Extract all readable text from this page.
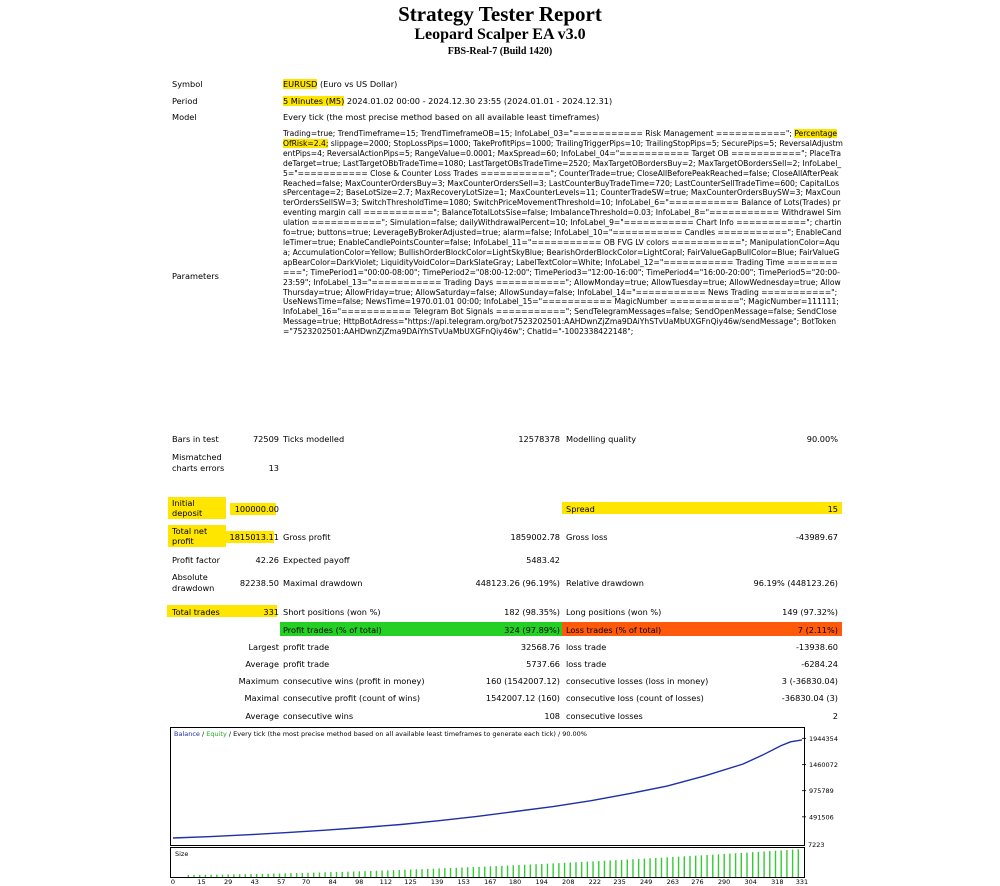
Strategy Tester Report
Leopard Scalper EA v3.0
FBS-Real-7 (Build 1420)
Symbol	EURUSD (Euro vs US Dollar)
Period	5 Minutes (M5) 2024.01.02 00:00 - 2024.12.30 23:55 (2024.01.01 - 2024.12.31)
Model	Every tick (the most precise method based on all available least timeframes)
Parameters
Trading=true; TrendTimeframe=15; TrendTimeframeOB=15; InfoLabel_03="=========== Risk Management ==========="; PercentageOfRisk=2.4; slippage=2000; StopLossPips=1000; TakeProfitPips=1000; TrailingTriggerPips=10; TrailingStopPips=5; SecurePips=5; ReversalAdjustmentPips=4; ReversalActionPips=5; RangeValue=0.0001; MaxSpread=60; InfoLabel_04="=========== Target OB ==========="; PlaceTradeTarget=true; LastTargetOBbTradeTime=1080; LastTargetOBsTradeTime=2520; MaxTargetOBordersBuy=2; MaxTargetOBordersSell=2; InfoLabel_5="=========== Close & Counter Loss Trades ==========="; CounterTrade=true; CloseAllBeforePeakReached=false; CloseAllAfterPeakReached=false; MaxCounterOrdersBuy=3; MaxCounterOrdersSell=3; LastCounterBuyTradeTime=720; LastCounterSellTradeTime=600; CapitalLossPercentage=2; BaseLotSize=2.7; MaxRecoveryLotSize=1; MaxCounterLevels=11; CounterTradeSW=true; MaxCounterOrdersBuySW=3; MaxCounterOrdersSellSW=3; SwitchThresholdTime=1080; SwitchPriceMovementThreshold=10; InfoLabel_6="=========== Balance of Lots(Trades) preventing margin call ==========="; BalanceTotalLotsSise=false; ImbalanceThreshold=0.03; InfoLabel_8="=========== Withdrawel Simulation ==========="; Simulation=false; dailyWithdrawalPercent=10; InfoLabel_9="=========== Chart Info ==========="; chartinfo=true; buttons=true; LeverageByBrokerAdjusted=true; alarm=false; InfoLabel_10="=========== Candles ==========="; EnableCandleTimer=true; EnableCandlePointsCounter=false; InfoLabel_11="=========== OB FVG LV colors ==========="; ManipulationColor=Aqua; AccumulationColor=Yellow; BullishOrderBlockColor=LightSkyBlue; BearishOrderBlockColor=LightCoral; FairValueGapBullColor=Blue; FairValueGapBearColor=DarkViolet; LiquidityVoidColor=DarkSlateGray; LabelTextColor=White; InfoLabel_12="=========== Trading Time ==========="; TimePeriod1="00:00-08:00"; TimePeriod2="08:00-12:00"; TimePeriod3="12:00-16:00"; TimePeriod4="16:00-20:00"; TimePeriod5="20:00-23:59"; InfoLabel_13="=========== Trading Days ==========="; AllowMonday=true; AllowTuesday=true; AllowWednesday=true; AllowThursday=true; AllowFriday=true; AllowSaturday=false; AllowSunday=false; InfoLabel_14="=========== News Trading ==========="; UseNewsTime=false; NewsTime=1970.01.01 00:00; InfoLabel_15="=========== MagicNumber ==========="; MagicNumber=111111; InfoLabel_16="=========== Telegram Bot Signals ==========="; SendTelegramMessages=false; SendOpenMessage=false; SendCloseMessage=true; HttpBotAdress="https://api.telegram.org/bot7523202501:AAHDwnZjZma9DAiYhSTvUaMbUXGFnQiy46w/sendMessage"; BotToken="7523202501:AAHDwnZjZma9DAiYhSTvUaMbUXGFnQiy46w"; ChatId="-1002338422148";
Bars in test	72509 Ticks modelled	12578378 Modelling quality	90.00%
Mismatched charts errors	13
Initial deposit	100000.00	Spread	15
Total net profit	1815013.11 Gross profit	1859002.78 Gross loss	-43989.67
Profit factor	42.26 Expected payoff	5483.42
Absolute drawdown	82238.50 Maximal drawdown	448123.26 (96.19%) Relative drawdown	96.19% (448123.26)
Total trades	331 Short positions (won %)	182 (98.35%) Long positions (won %)	149 (97.32%)
Profit trades (% of total)	324 (97.89%) Loss trades (% of total)	7 (2.11%)
Largest profit trade	32568.76 loss trade	-13938.60
Average profit trade	5737.66 loss trade	-6284.24
Maximum consecutive wins (profit in money)	160 (1542007.12) consecutive losses (loss in money)	3 (-36830.04)
Maximal consecutive profit (count of wins)	1542007.12 (160) consecutive loss (count of losses)	-36830.04 (3)
Average consecutive wins	108 consecutive losses	2
Balance / Equity / Every tick (the most precise method based on all available least timeframes to generate each tick) / 90.00%
Size
7223
1944354
1460072
975789
491506
0	15	29	43	57	70	84	98	112 125 139 153 167 180 194 208 222 235 249 263 276 290 304 318 331
